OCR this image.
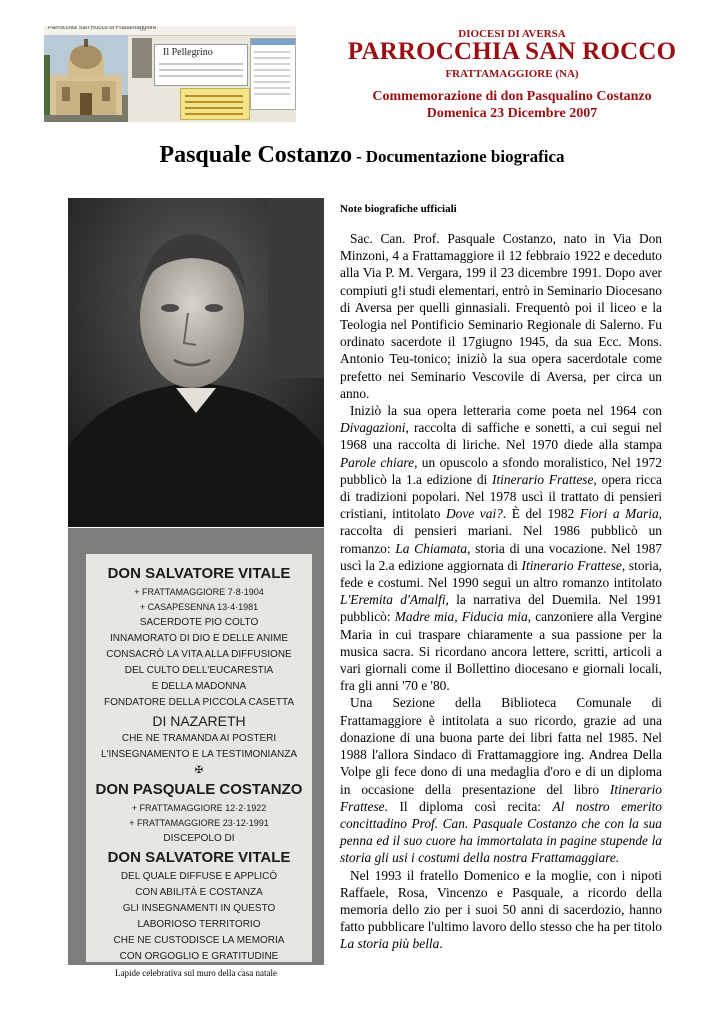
Parrocchia San Rocco di Frattamaggiore
Il Pellegrino
DIOCESI DI AVERSA
PARROCCHIA SAN ROCCO
FRATTAMAGGIORE (NA)
Commemorazione di don Pasqualino Costanzo
Domenica 23 Dicembre 2007
Pasquale Costanzo - Documentazione biografica
DON SALVATORE VITALE
+ FRATTAMAGGIORE 7·8·1904
+ CASAPESENNA 13·4·1981
SACERDOTE PIO COLTO
INNAMORATO DI DIO E DELLE ANIME
CONSACRÒ LA VITA ALLA DIFFUSIONE
DEL CULTO DELL'EUCARESTIA
E DELLA MADONNA
FONDATORE DELLA PICCOLA CASETTA
DI NAZARETH
CHE NE TRAMANDA AI POSTERI
L'INSEGNAMENTO E LA TESTIMONIANZA
✠
DON PASQUALE COSTANZO
+ FRATTAMAGGIORE 12·2·1922
+ FRATTAMAGGIORE 23·12·1991
DISCEPOLO DI
DON SALVATORE VITALE
DEL QUALE DIFFUSE E APPLICÒ
CON ABILITÀ E COSTANZA
GLI INSEGNAMENTI IN QUESTO
LABORIOSO TERRITORIO
CHE NE CUSTODISCE LA MEMORIA
CON ORGOGLIO E GRATITUDINE
Lapide celebrativa sul muro della casa natale
Note biografiche ufficiali

Sac. Can. Prof. Pasquale Costanzo, nato in Via Don Minzoni, 4 a Frattamaggiore il 12 febbraio 1922 e deceduto alla Via P. M. Vergara, 199 il 23 dicembre 1991. Dopo aver compiuti g!i studi elementari, entrò in Seminario Diocesano di Aversa per quelli ginnasiali. Frequentò poi il liceo e la Teologia nel Pontificio Seminario Regionale di Salerno. Fu ordinato sacerdote il 17giugno 1945, da sua Ecc. Mons. Antonio Teu-tonico; iniziò la sua opera sacerdotale come prefetto nei Seminario Vescovile di Aversa, per circa un anno.

Iniziò la sua opera letteraria come poeta nel 1964 con Divagazioni, raccolta di saffiche e sonetti, a cui segui nel 1968 una raccolta di liriche. Nel 1970 diede alla stampa Parole chiare, un opuscolo a sfondo moralistico, Nel 1972 pubblicò la 1.a edizione di Itinerario Frattese, opera ricca di tradizioni popolari. Nel 1978 uscì il trattato di pensieri cristiani, intitolato Dove vai?. È del 1982 Fiori a Maria, raccolta di pensieri mariani. Nel 1986 pubblicò un romanzo: La Chiamata, storia di una vocazione. Nel 1987 uscì la 2.a edizione aggiornata di Itinerario Frattese, storia, fede e costumi. Nel 1990 seguì un altro romanzo intitolato L'Eremita d'Amalfi, la narrativa del Duemila. Nel 1991 pubblicò: Madre mia, Fiducia mia, canzoniere alla Vergine Maria in cui traspare chiaramente a sua passione per la musica sacra. Si ricordano ancora lettere, scritti, articoli a vari giornali come il Bollettino diocesano e giornali locali, fra gli anni '70 e '80.

Una Sezione della Biblioteca Comunale di Frattamaggiore è intitolata a suo ricordo, grazie ad una donazione di una buona parte dei libri fatta nel 1985. Nel 1988 l'allora Sindaco di Frattamaggiore ing. Andrea Della Volpe gli fece dono di una medaglia d'oro e di un diploma in occasione della presentazione del libro Itinerario Frattese. Il diploma così recita: Al nostro emerito concittadino Prof. Can. Pasquale Costanzo che con la sua penna ed il suo cuore ha immortalata in pagine stupende la storia gli usi i costumi della nostra Frattamaggiare.

Nel 1993 il fratello Domenico e la moglie, con i nipoti Raffaele, Rosa, Vincenzo e Pasquale, a ricordo della memoria dello zio per i suoi 50 anni di sacerdozio, hanno fatto pubblicare l'ultimo lavoro dello stesso che ha per titolo La storia più bella.
